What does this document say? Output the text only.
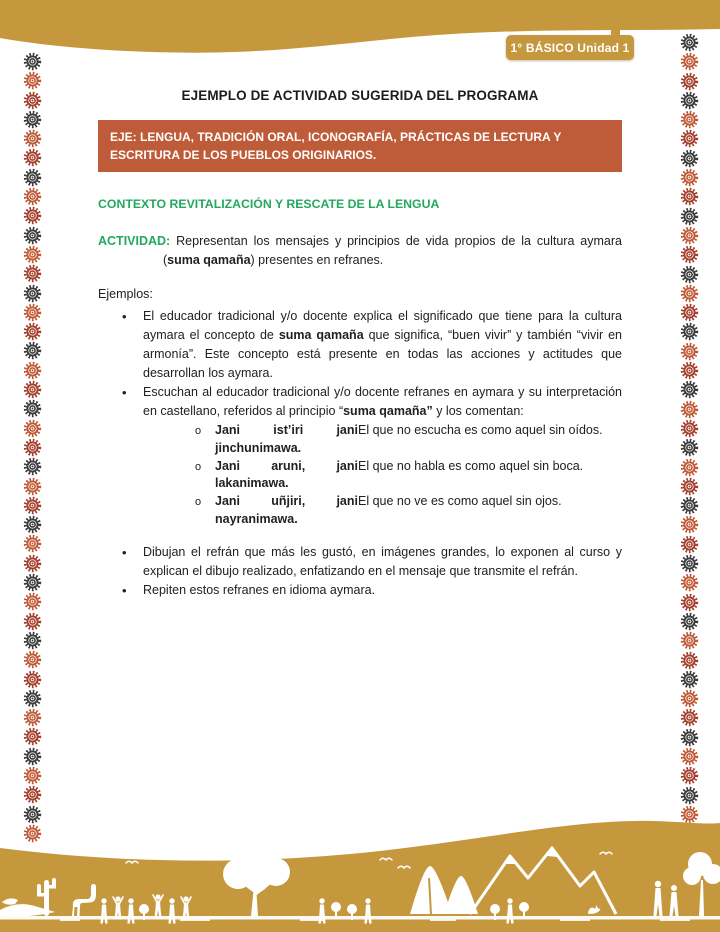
1° BÁSICO Unidad 1
EJEMPLO DE ACTIVIDAD SUGERIDA DEL PROGRAMA
EJE: LENGUA, TRADICIÓN ORAL, ICONOGRAFÍA, PRÁCTICAS DE LECTURA Y ESCRITURA DE LOS PUEBLOS ORIGINARIOS.
CONTEXTO REVITALIZACIÓN Y RESCATE DE LA LENGUA

ACTIVIDAD: Representan los mensajes y principios de vida propios de la cultura aymara (suma qamaña) presentes en refranes.

Ejemplos:

• El educador tradicional y/o docente explica el significado que tiene para la cultura aymara el concepto de suma qamaña que significa, “buen vivir” y también “vivir en armonía”. Este concepto está presente en todas las acciones y actitudes que desarrollan los aymara.
• Escuchan al educador tradicional y/o docente refranes en aymara y su interpretación en castellano, referidos al principio “suma qamaña” y los comentan:
o	Jani ist’iri jani jinchunimawa.
El que no escucha es como aquel sin oídos.
o	Jani aruni, jani lakanimawa.
El que no habla es como aquel sin boca.
o	Jani uñjiri, jani nayranimawa.
El que no ve es como aquel sin ojos.
• Dibujan el refrán que más les gustó, en imágenes grandes, lo exponen al curso y explican el dibujo realizado, enfatizando en el mensaje que transmite el refrán.
• Repiten estos refranes en idioma aymara.
